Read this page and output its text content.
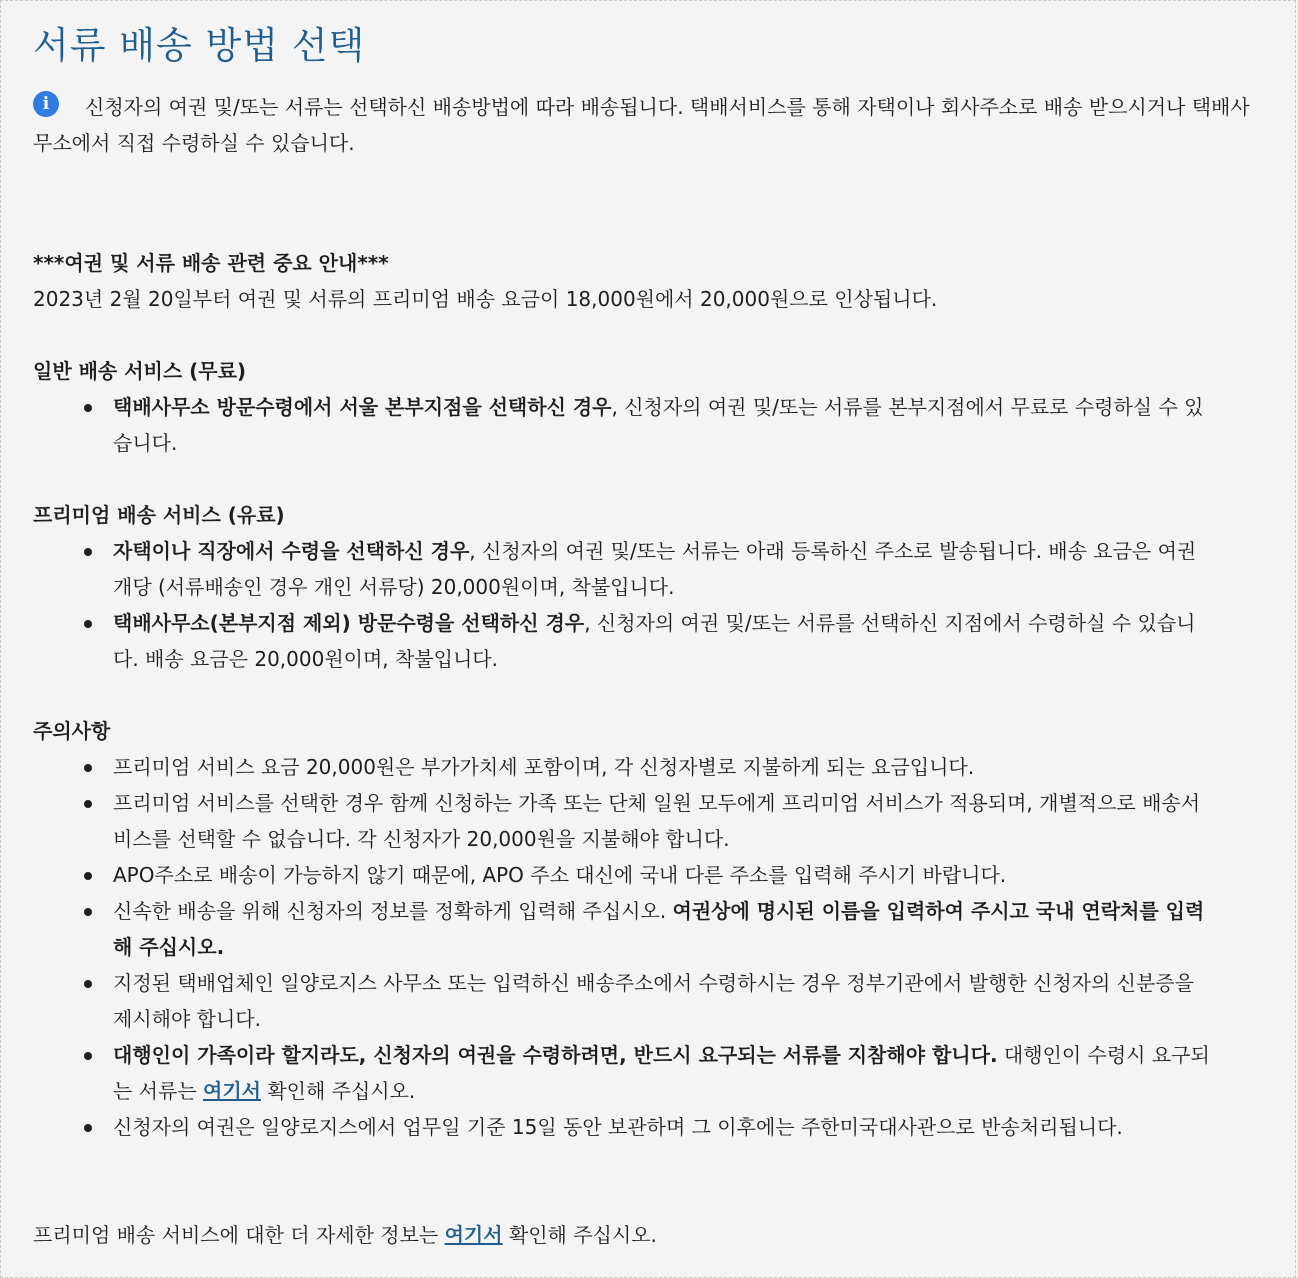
서류 배송 방법 선택
i	신청자의 여권 및/또는 서류는 선택하신 배송방법에 따라 배송됩니다. 택배서비스를 통해 자택이나 회사주소로 배송 받으시거나 택배사무소에서 직접 수령하실 수 있습니다.

***여권 및 서류 배송 관련 중요 안내***

2023년 2월 20일부터 여권 및 서류의 프리미엄 배송 요금이 18,000원에서 20,000원으로 인상됩니다.

일반 배송 서비스 (무료)

택배사무소 방문수령에서 서울 본부지점을 선택하신 경우, 신청자의 여권 및/또는 서류를 본부지점에서 무료로 수령하실 수 있습니다.

프리미엄 배송 서비스 (유료)

자택이나 직장에서 수령을 선택하신 경우, 신청자의 여권 및/또는 서류는 아래 등록하신 주소로 발송됩니다. 배송 요금은 여권 개당 (서류배송인 경우 개인 서류당) 20,000원이며, 착불입니다.
택배사무소(본부지점 제외) 방문수령을 선택하신 경우, 신청자의 여권 및/또는 서류를 선택하신 지점에서 수령하실 수 있습니다. 배송 요금은 20,000원이며, 착불입니다.

주의사항

프리미엄 서비스 요금 20,000원은 부가가치세 포함이며, 각 신청자별로 지불하게 되는 요금입니다.
프리미엄 서비스를 선택한 경우 함께 신청하는 가족 또는 단체 일원 모두에게 프리미엄 서비스가 적용되며, 개별적으로 배송서비스를 선택할 수 없습니다. 각 신청자가 20,000원을 지불해야 합니다.
APO주소로 배송이 가능하지 않기 때문에, APO 주소 대신에 국내 다른 주소를 입력해 주시기 바랍니다.
신속한 배송을 위해 신청자의 정보를 정확하게 입력해 주십시오. 여권상에 명시된 이름을 입력하여 주시고 국내 연락처를 입력해 주십시오.
지정된 택배업체인 일양로지스 사무소 또는 입력하신 배송주소에서 수령하시는 경우 정부기관에서 발행한 신청자의 신분증을 제시해야 합니다.
대행인이 가족이라 할지라도, 신청자의 여권을 수령하려면, 반드시 요구되는 서류를 지참해야 합니다. 대행인이 수령시 요구되는 서류는 여기서 확인해 주십시오.
신청자의 여권은 일양로지스에서 업무일 기준 15일 동안 보관하며 그 이후에는 주한미국대사관으로 반송처리됩니다.

프리미엄 배송 서비스에 대한 더 자세한 정보는 여기서 확인해 주십시오.
